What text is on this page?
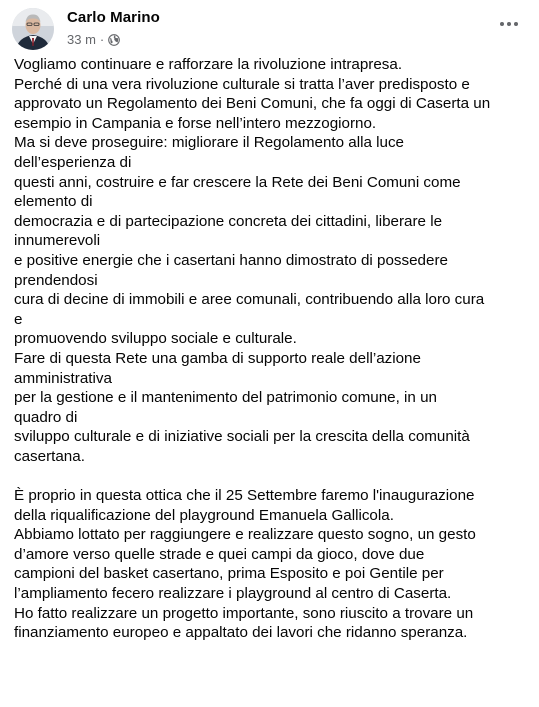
Carlo Marino
33 m ·
Vogliamo continuare e rafforzare la rivoluzione intrapresa.
Perché di una vera rivoluzione culturale si tratta l’aver predisposto e
approvato un Regolamento dei Beni Comuni, che fa oggi di Caserta un
esempio in Campania e forse nell’intero mezzogiorno.
Ma si deve proseguire: migliorare il Regolamento alla luce
dell’esperienza di
questi anni, costruire e far crescere la Rete dei Beni Comuni come
elemento di
democrazia e di partecipazione concreta dei cittadini, liberare le
innumerevoli
e positive energie che i casertani hanno dimostrato di possedere
prendendosi
cura di decine di immobili e aree comunali, contribuendo alla loro cura
e
promuovendo sviluppo sociale e culturale.
Fare di questa Rete una gamba di supporto reale dell’azione
amministrativa
per la gestione e il mantenimento del patrimonio comune, in un
quadro di
sviluppo culturale e di iniziative sociali per la crescita della comunità
casertana.
È proprio in questa ottica che il 25 Settembre faremo l'inaugurazione
della riqualificazione del playground Emanuela Gallicola.
Abbiamo lottato per raggiungere e realizzare questo sogno, un gesto
d’amore verso quelle strade e quei campi da gioco, dove due
campioni del basket casertano, prima Esposito e poi Gentile per
l’ampliamento fecero realizzare i playground al centro di Caserta.
Ho fatto realizzare un progetto importante, sono riuscito a trovare un
finanziamento europeo e appaltato dei lavori che ridanno speranza.
